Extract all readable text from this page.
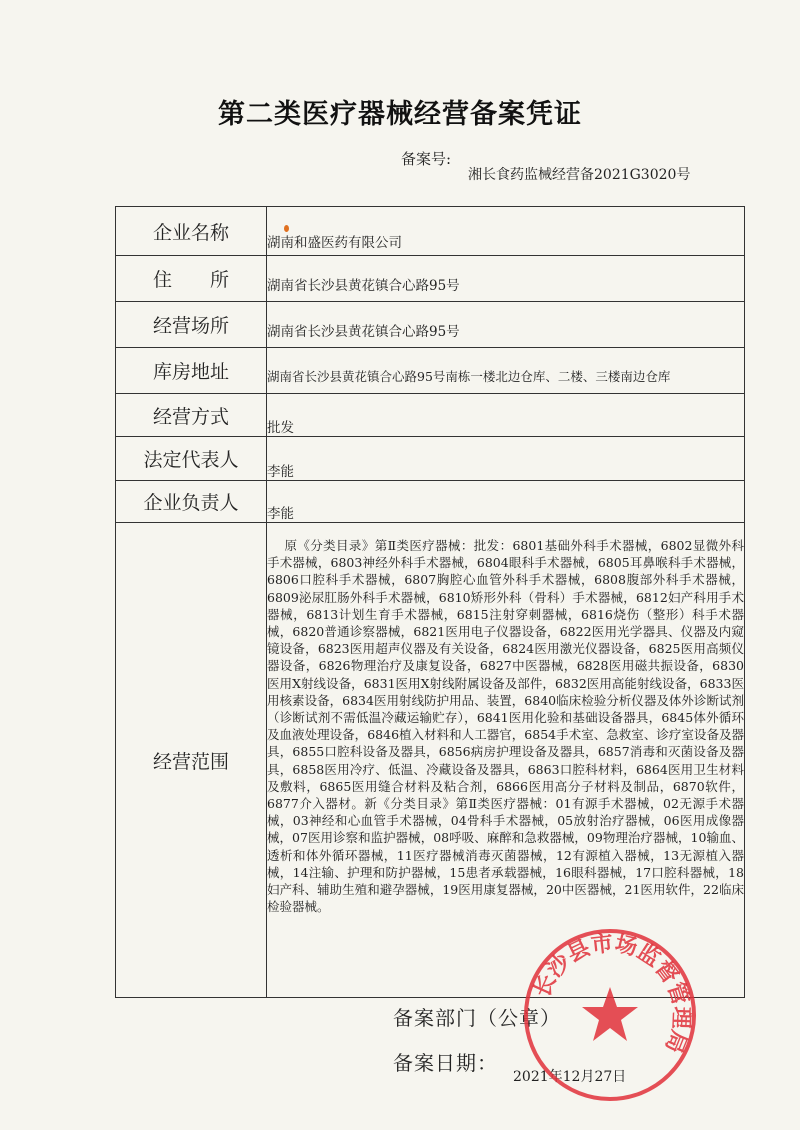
第二类医疗器械经营备案凭证
备案号:
湘长食药监械经营备2021G3020号
企业名称	湖南和盛医药有限公司
住　　所	湖南省长沙县黄花镇合心路95号
经营场所	湖南省长沙县黄花镇合心路95号
库房地址	湖南省长沙县黄花镇合心路95号南栋一楼北边仓库、二楼、三楼南边仓库
经营方式	批发
法定代表人	李能
企业负责人	李能
经营范围	原《分类目录》第Ⅱ类医疗器械：批发：6801基础外科手术器械，6802显微外科手术器械，6803神经外科手术器械，6804眼科手术器械，6805耳鼻喉科手术器械，6806口腔科手术器械，6807胸腔心血管外科手术器械，6808腹部外科手术器械，6809泌尿肛肠外科手术器械，6810矫形外科（骨科）手术器械，6812妇产科用手术器械，6813计划生育手术器械，6815注射穿刺器械，6816烧伤（整形）科手术器械，6820普通诊察器械，6821医用电子仪器设备，6822医用光学器具、仪器及内窥镜设备，6823医用超声仪器及有关设备，6824医用激光仪器设备，6825医用高频仪器设备，6826物理治疗及康复设备，6827中医器械，6828医用磁共振设备，6830医用X射线设备，6831医用X射线附属设备及部件，6832医用高能射线设备，6833医用核素设备，6834医用射线防护用品、装置，6840临床检验分析仪器及体外诊断试剂（诊断试剂不需低温冷藏运输贮存），6841医用化验和基础设备器具，6845体外循环及血液处理设备，6846植入材料和人工器官，6854手术室、急救室、诊疗室设备及器具，6855口腔科设备及器具，6856病房护理设备及器具，6857消毒和灭菌设备及器具，6858医用冷疗、低温、冷藏设备及器具，6863口腔科材料，6864医用卫生材料及敷料，6865医用缝合材料及粘合剂，6866医用高分子材料及制品，6870软件，6877介入器材。新《分类目录》第Ⅱ类医疗器械：01有源手术器械，02无源手术器械，03神经和心血管手术器械，04骨科手术器械，05放射治疗器械，06医用成像器械，07医用诊察和监护器械，08呼吸、麻醉和急救器械，09物理治疗器械，10输血、透析和体外循环器械，11医疗器械消毒灭菌器械，12有源植入器械，13无源植入器械，14注输、护理和防护器械，15患者承载器械，16眼科器械，17口腔科器械，18妇产科、辅助生殖和避孕器械，19医用康复器械，20中医器械，21医用软件，22临床检验器械。
备案部门（公章）
备案日期：
2021年12月27日
长沙县市场监督管理局
